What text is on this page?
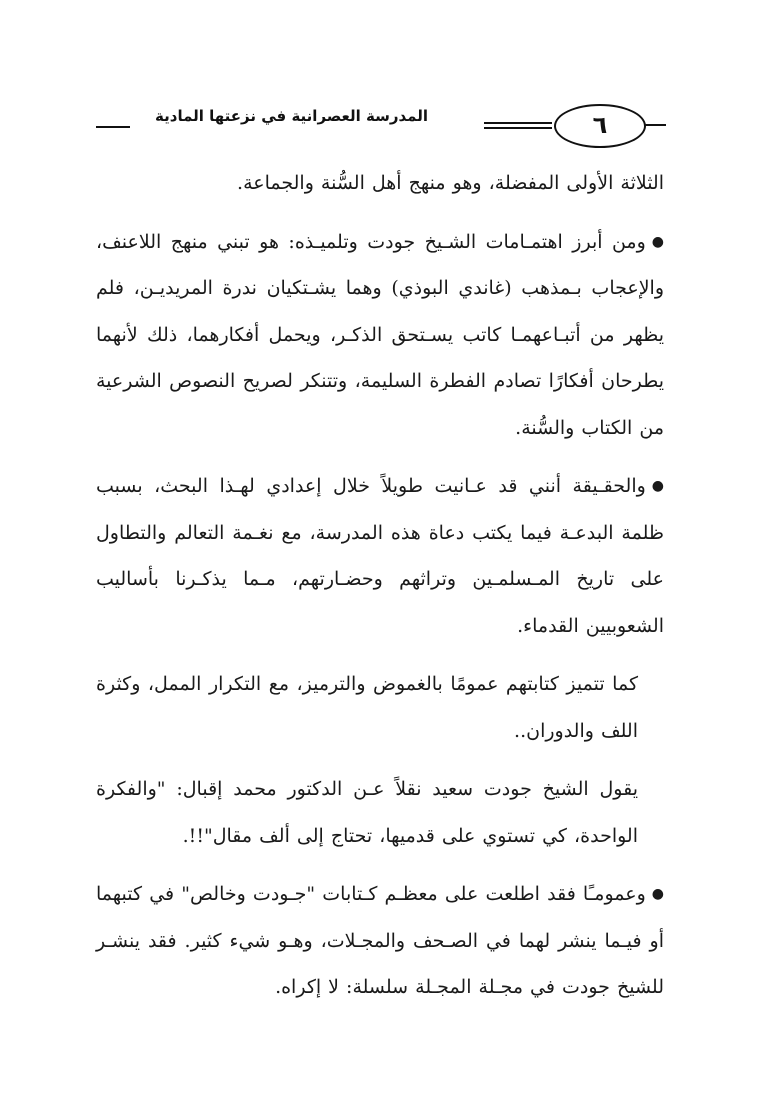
المدرسة العصرانية في نزعتها المادية	٦

الثلاثة الأولى المفضلة، وهو منهج أهل السُّنة والجماعة.

●ومن أبرز اهتمـامات الشـيخ جودت وتلميـذه: هو تبني منهج اللاعنف، والإعجاب بـمذهب (غاندي البوذي) وهما يشـتكيان ندرة المريديـن، فلم يظهر من أتبـاعهمـا كاتب يسـتحق الذكـر، ويحمل أفكارهما، ذلك لأنهما يطرحان أفكارًا تصادم الفطرة السليمة، وتتنكر لصريح النصوص الشرعية من الكتاب والسُّنة.

●والحقـيقة أنني قد عـانيت طويلاً خلال إعدادي لهـذا البحث، بسبب ظلمة البدعـة فيما يكتب دعاة هذه المدرسة، مع نغـمة التعالم والتطاول على تاريخ المـسلمـين وتراثهم وحضـارتهم، مـما يذكـرنا بأساليب الشعوبيين القدماء.

كما تتميز كتابتهم عمومًا بالغموض والترميز، مع التكرار الممل، وكثرة اللف والدوران..

يقول الشيخ جودت سعيد نقلاً عـن الدكتور محمد إقبال: "والفكرة الواحدة، كي تستوي على قدميها، تحتاج إلى ألف مقال"!!.

●وعمومـًا فقد اطلعت على معظـم كـتابات "جـودت وخالص" في كتبهما أو فيـما ينشر لهما في الصـحف والمجـلات، وهـو شيء كثير. فقد ينشـر للشيخ جودت في مجـلة المجـلة سلسلة: لا إكراه.
